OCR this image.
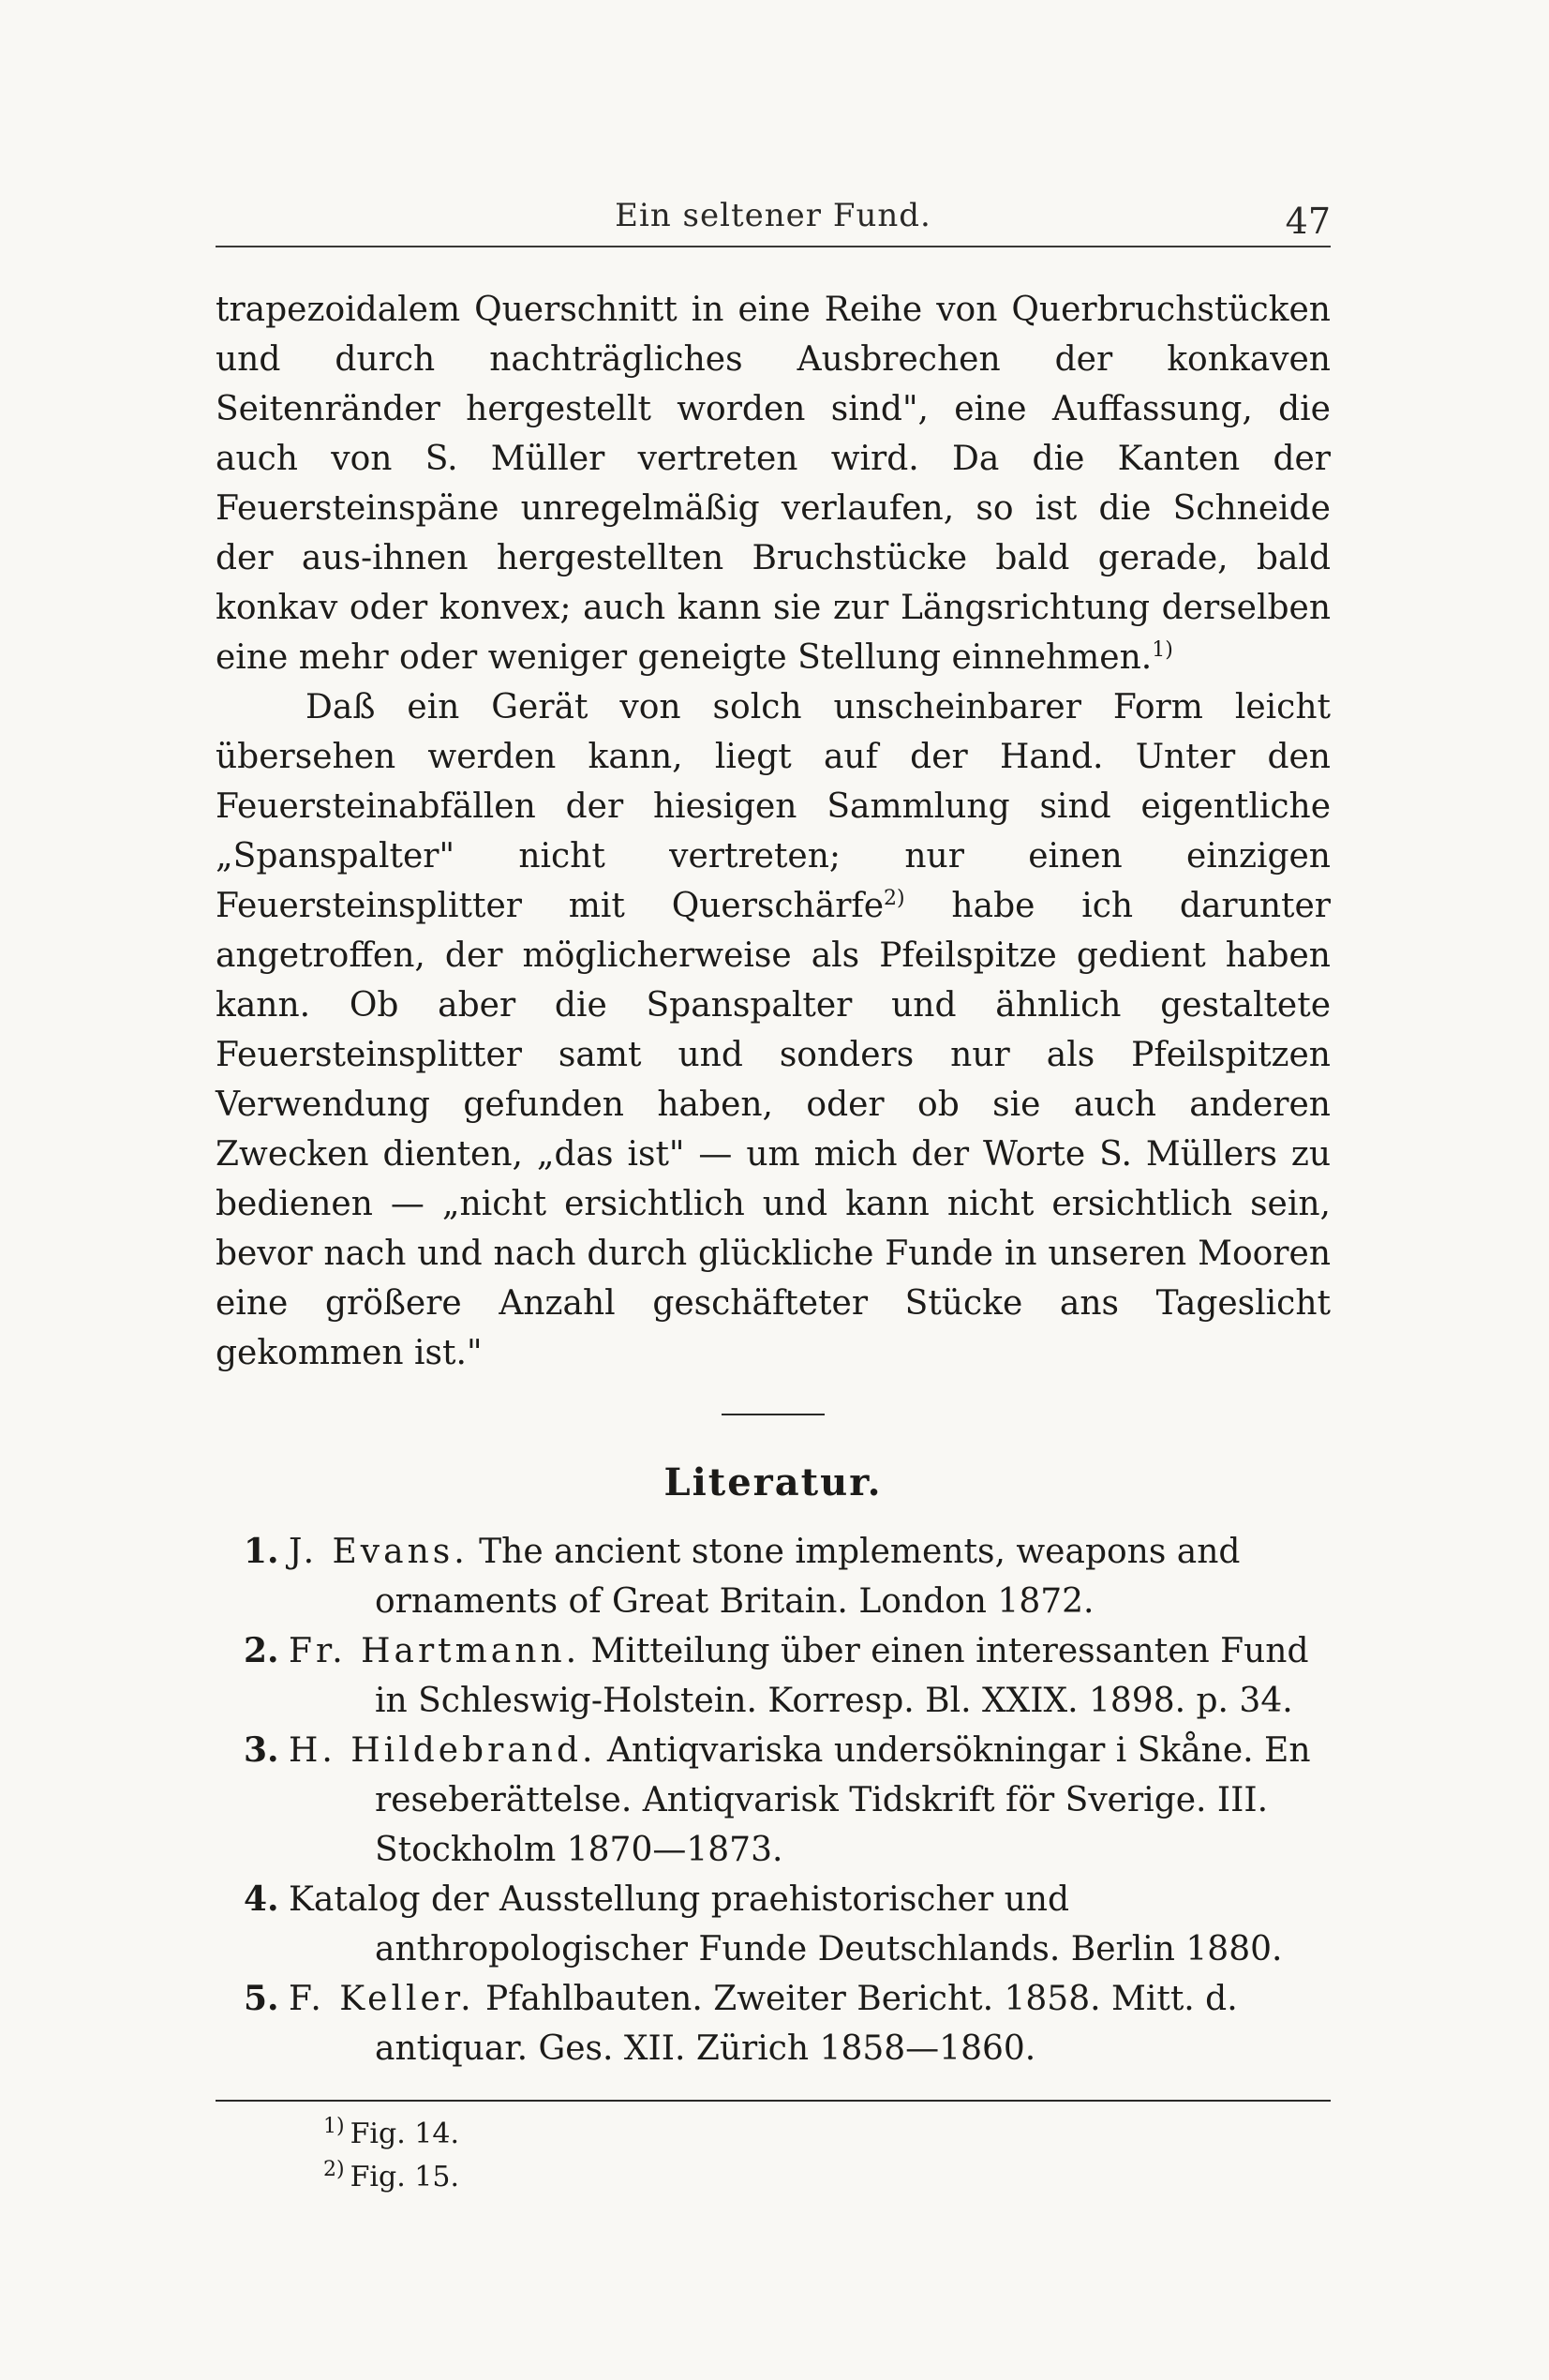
Ein seltener Fund.	47

trapezoidalem Querschnitt in eine Reihe von Querbruchstücken und durch nachträgliches Ausbrechen der konkaven Seitenränder hergestellt worden sind", eine Auffassung, die auch von S. Müller vertreten wird. Da die Kanten der Feuersteinspäne unregelmäßig verlaufen, so ist die Schneide der aus-ihnen hergestellten Bruchstücke bald gerade, bald konkav oder konvex; auch kann sie zur Längsrichtung derselben eine mehr oder weniger geneigte Stellung einnehmen.$^{1)}$

Daß ein Gerät von solch unscheinbarer Form leicht übersehen werden kann, liegt auf der Hand. Unter den Feuersteinabfällen der hiesigen Sammlung sind eigentliche „Spanspalter" nicht vertreten; nur einen einzigen Feuersteinsplitter mit Querschärfe$^{2)}$ habe ich darunter angetroffen, der möglicherweise als Pfeilspitze gedient haben kann. Ob aber die Spanspalter und ähnlich gestaltete Feuersteinsplitter samt und sonders nur als Pfeilspitzen Verwendung gefunden haben, oder ob sie auch anderen Zwecken dienten, „das ist" — um mich der Worte S. Müllers zu bedienen — „nicht ersichtlich und kann nicht ersichtlich sein, bevor nach und nach durch glückliche Funde in unseren Mooren eine größere Anzahl geschäfteter Stücke ans Tageslicht gekommen ist."

Literatur.
1. J. Evans. The ancient stone implements, weapons and ornaments of Great Britain. London 1872.
2. Fr. Hartmann. Mitteilung über einen interessanten Fund in Schleswig-Holstein. Korresp. Bl. XXIX. 1898. p. 34.
3. H. Hildebrand. Antiqvariska undersökningar i Skåne. En reseberättelse. Antiqvarisk Tidskrift för Sverige. III. Stockholm 1870—1873.
4. Katalog der Ausstellung praehistorischer und anthropologischer Funde Deutschlands. Berlin 1880.
5. F. Keller. Pfahlbauten. Zweiter Bericht. 1858. Mitt. d. antiquar. Ges. XII. Zürich 1858—1860.
$^{1)}$ Fig. 14.
$^{2)}$ Fig. 15.
